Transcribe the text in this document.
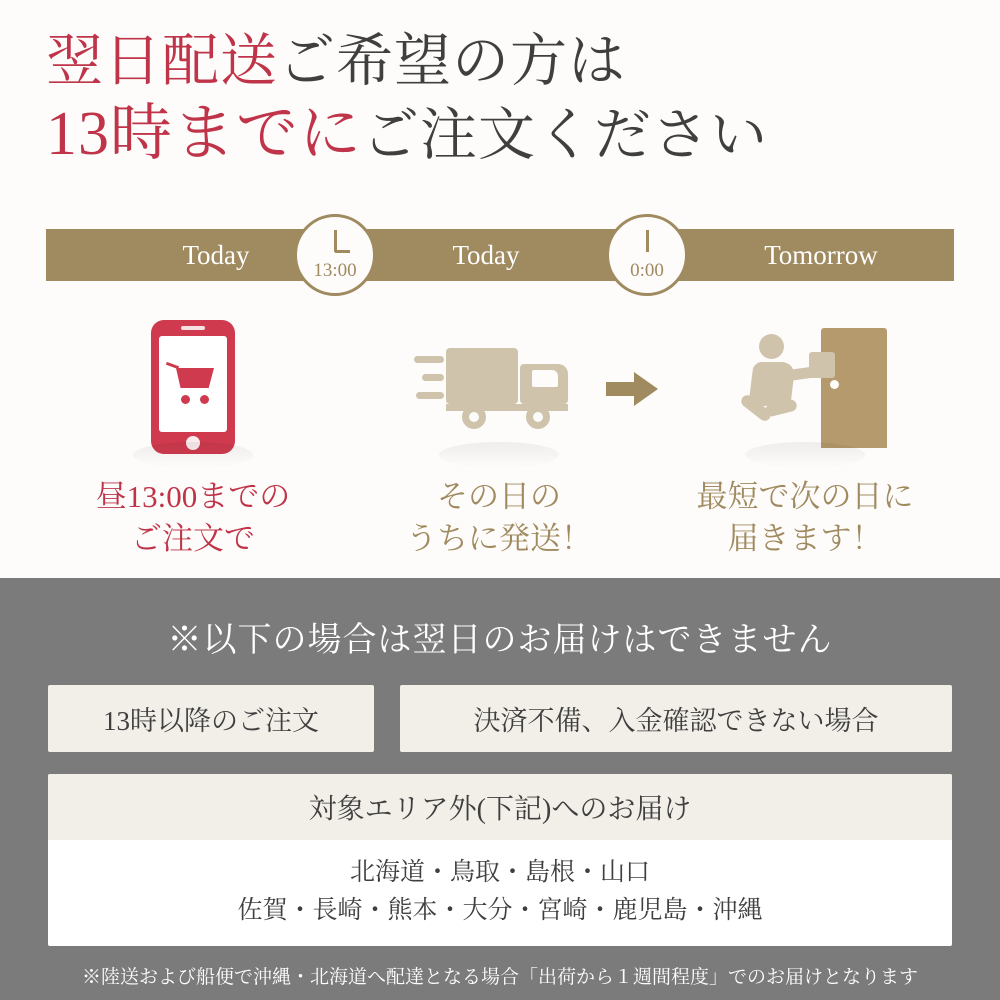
翌日配送ご希望の方は
13時までにご注文ください
Today	Today	Tomorrow
13:00	0:00
昼13:00までの
ご注文で
その日の
うちに発送！
最短で次の日に
届きます！
※以下の場合は翌日のお届けはできません
13時以降のご注文	決済不備、入金確認できない場合
対象エリア外(下記)へのお届け
北海道・鳥取・島根・山口
佐賀・長崎・熊本・大分・宮崎・鹿児島・沖縄
※陸送および船便で沖縄・北海道へ配達となる場合「出荷から１週間程度」でのお届けとなります
